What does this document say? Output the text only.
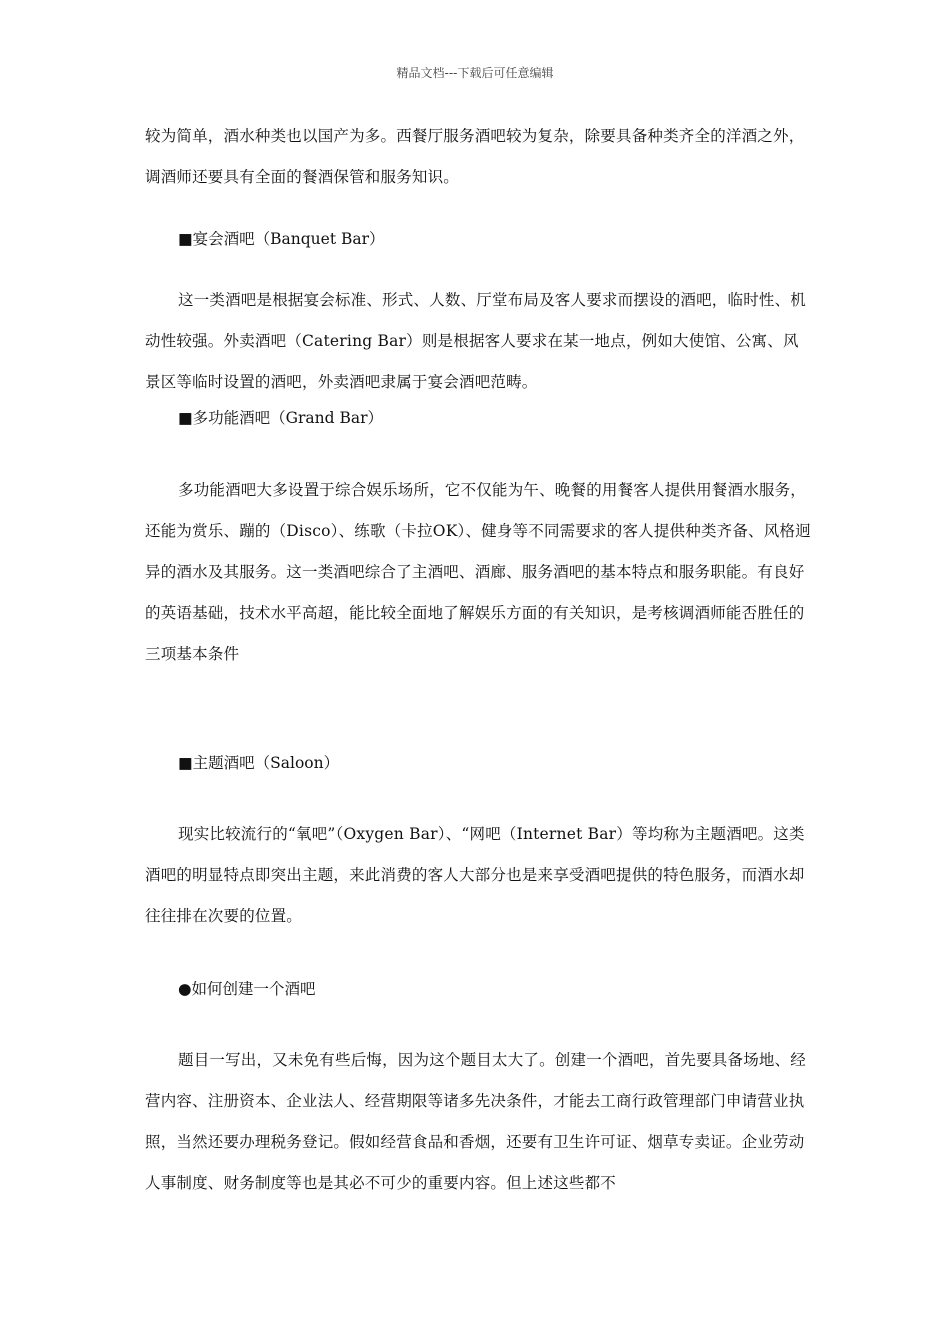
精品文档---下载后可任意编辑

较为简单，酒水种类也以国产为多。西餐厅服务酒吧较为复杂，除要具备种类齐全的洋酒之外，调酒师还要具有全面的餐酒保管和服务知识。

■宴会酒吧（Banquet Bar）

这一类酒吧是根据宴会标准、形式、人数、厅堂布局及客人要求而摆设的酒吧，临时性、机动性较强。外卖酒吧（Catering Bar）则是根据客人要求在某一地点，例如大使馆、公寓、风景区等临时设置的酒吧，外卖酒吧隶属于宴会酒吧范畴。

■多功能酒吧（Grand Bar）

多功能酒吧大多设置于综合娱乐场所，它不仅能为午、晚餐的用餐客人提供用餐酒水服务，还能为赏乐、蹦的（Disco）、练歌（卡拉OK）、健身等不同需要求的客人提供种类齐备、风格迥异的酒水及其服务。这一类酒吧综合了主酒吧、酒廊、服务酒吧的基本特点和服务职能。有良好的英语基础，技术水平高超，能比较全面地了解娱乐方面的有关知识，是考核调酒师能否胜任的三项基本条件

■主题酒吧（Saloon）

现实比较流行的“氧吧”（Oxygen Bar）、“网吧（Internet Bar）等均称为主题酒吧。这类酒吧的明显特点即突出主题，来此消费的客人大部分也是来享受酒吧提供的特色服务，而酒水却往往排在次要的位置。

●如何创建一个酒吧

题目一写出，又未免有些后悔，因为这个题目太大了。创建一个酒吧，首先要具备场地、经营内容、注册资本、企业法人、经营期限等诸多先决条件，才能去工商行政管理部门申请营业执照，当然还要办理税务登记。假如经营食品和香烟，还要有卫生许可证、烟草专卖证。企业劳动人事制度、财务制度等也是其必不可少的重要内容。但上述这些都不
